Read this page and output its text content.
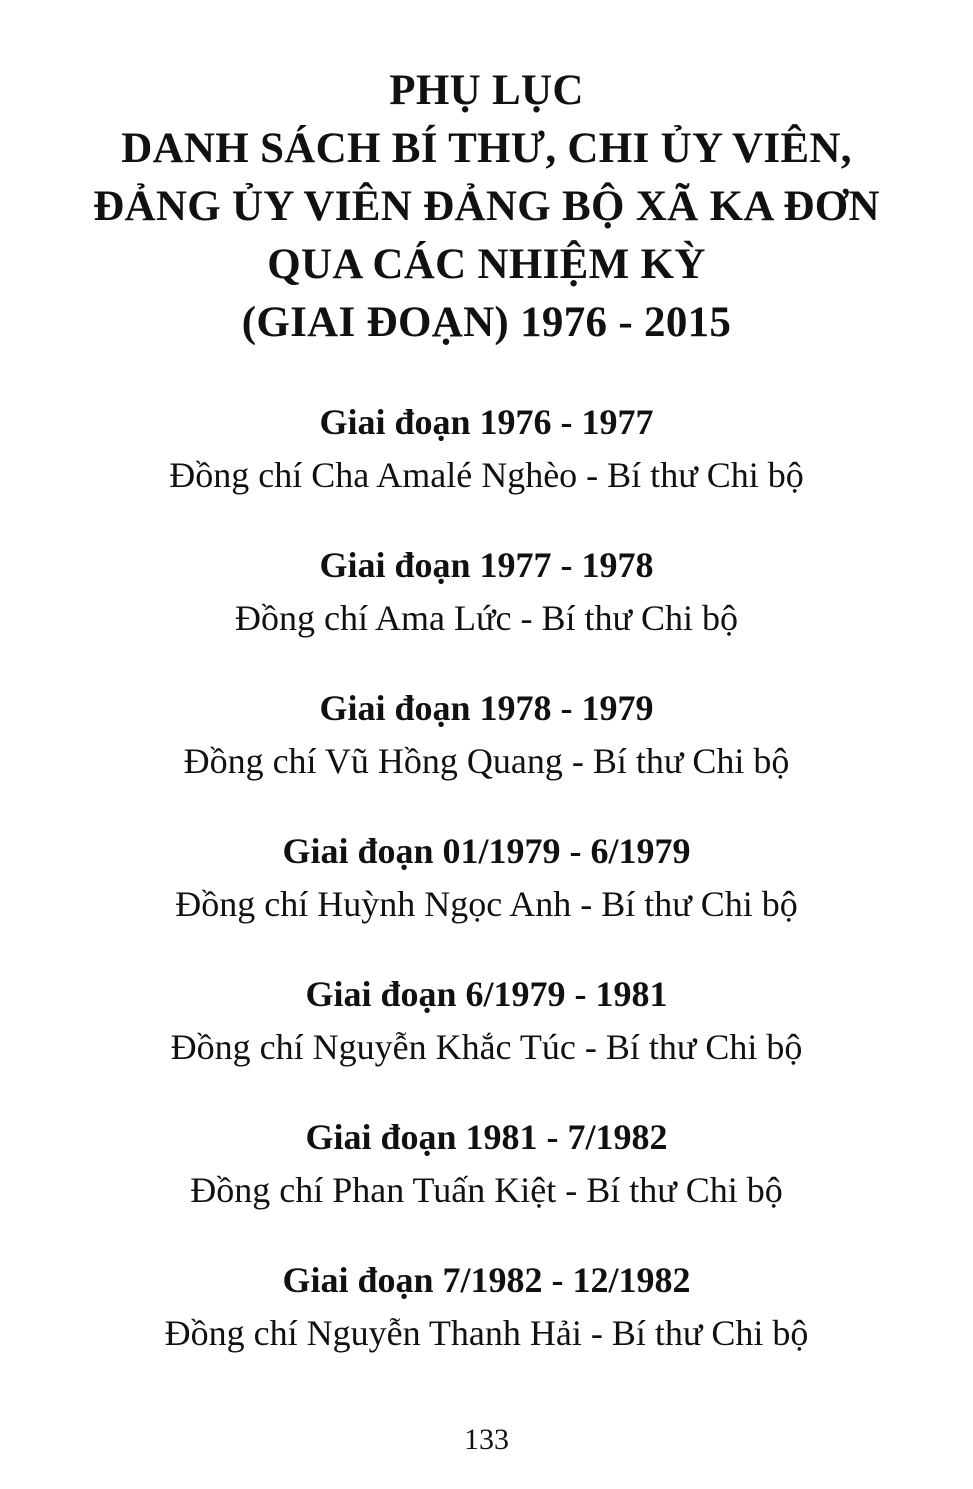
PHỤ LỤC
DANH SÁCH BÍ THƯ, CHI ỦY VIÊN,
ĐẢNG ỦY VIÊN ĐẢNG BỘ XÃ KA ĐƠN
QUA CÁC NHIỆM KỲ
(GIAI ĐOẠN) 1976 - 2015
Giai đoạn 1976 - 1977
Đồng chí Cha Amalé Nghèo - Bí thư Chi bộ
Giai đoạn 1977 - 1978
Đồng chí Ama Lức - Bí thư Chi bộ
Giai đoạn 1978 - 1979
Đồng chí Vũ Hồng Quang - Bí thư Chi bộ
Giai đoạn 01/1979 - 6/1979
Đồng chí Huỳnh Ngọc Anh - Bí thư Chi bộ
Giai đoạn 6/1979 - 1981
Đồng chí Nguyễn Khắc Túc - Bí thư Chi bộ
Giai đoạn 1981 - 7/1982
Đồng chí Phan Tuấn Kiệt - Bí thư Chi bộ
Giai đoạn 7/1982 - 12/1982
Đồng chí Nguyễn Thanh Hải - Bí thư Chi bộ
133
